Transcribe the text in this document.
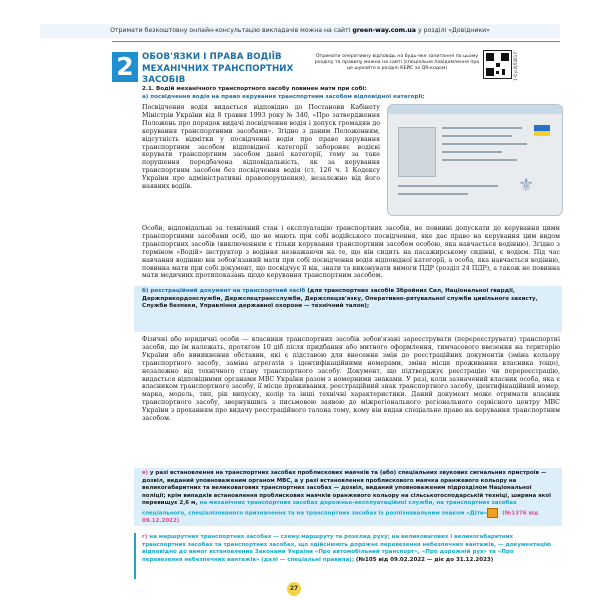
Отримати безкоштовну онлайн-консультацію викладачів можна на сайті green-way.com.ua у розділі «Довідники»
2 ОБОВ'ЯЗКИ І ПРАВА ВОДІЇВ МЕХАНІЧНИХ ТРАНСПОРТНИХ ЗАСОБІВ
Отримати оперативну відповідь на будь-яке запитання по цьому розділу та правилу можна на сайті (спеціальне повідомлення про це шукайте в розділі КЕЙС за QR-кодом)	1-0 р.КЛ4017
2.1. Водій механічного транспортного засобу повинен мати при собі:
а) посвідчення водія на право керування транспортним засобом відповідної категорії;
Посвідчення водія видається відповідно до Постанови Кабінету Міністрів України від 8 травня 1993 року № 340, «Про затвердження Положень про порядок видачі посвідчення водія і допуск громадян до керування транспортними засобами». Згідно з даним Положенням, відсутність відмітки у посвідченні водія про право керування транспортним засобом відповідної категорії забороняє водієві керувати транспортним засобом даної категорії, тому за таке порушення передбачена відповідальність, як за керування транспортним засобом без посвідчення водія (ст. 126 ч. 1 Кодексу України про адміністративні правопорушення), незалежно від його наявних водіїв.	⚜
Особи, відповідальні за технічний стан і експлуатацію транспортних засобів, не повинні допускати до керування цими транспортними засобами осіб, що не мають при собі водійського посвідчення, яке дає право на керування цим видом транспортних засобів (виключенням є тільки керування транспортним засобом особою, яка навчається водінню). Згідно з терміном «Водій» інструктор з водіння незважаючи на те, що він сидить на пасажирському сидінні, є водієм. Під час навчання водінню він зобов'язаний мати при собі посвідчення водія відповідної категорії, а особа, яка навчається водінню, повинна мати при собі документ, що посвідчує її вік, знати та виконувати вимоги ПДР (розділ 24 ПДР), а також не повинна мати медичних протипоказань щодо керування транспортним засобом.
б) реєстраційний документ на транспортний засіб (для транспортних засобів Збройних Сил, Національної гвардії, Держприкордонслужби, Держспецтрансслужби, Держспецзв'язку, Оперативно-рятувальної служби цивільного захисту, Служби безпеки, Управління державної охорони — технічний талон);
Фізичні або юридичні особи — власники транспортних засобів зобов'язані зареєструвати (перереєструвати) транспортні засоби, що їм належать, протягом 10 діб після придбання або митного оформлення, тимчасового ввезення на територію України або виникнення обставин, які є підставою для внесення змін до реєстраційних документів (зміна кольору транспортного засобу, заміна агрегатів з ідентифікаційними номерами, зміна місця проживання власника тощо), незалежно від технічного стану транспортного засобу. Документ, що підтверджує реєстрацію чи перереєстрацію, видається відповідними органами МВС України разом з номерними знаками. У разі, коли зазначений власник особа, яка є власником транспортного засобу, її місце проживання, реєстраційний знак транспортного засобу, ідентифікаційний номер, марка, модель, тип, рік випуску, колір та інші технічні характеристики. Даний документ може отримати власник транспортного засобу, звернувшись з письмовою заявою до міжрегіонального регіонального сервісного центру МВС України з проханням про видачу реєстраційного талона тому, кому він видав спеціальне право на керування транспортним засобом.
в) у разі встановлення на транспортних засобах проблискових маячків та (або) спеціальних звукових сигнальних пристроїв — дозвіл, виданий уповноваженим органом МВС, а у разі встановлення проблискового маячка оранжевого кольору на великогабаритних та великовагових транспортних засобах — дозвіл, виданий уповноваженим підрозділом Національної поліції; крім випадків встановлення проблискових маячків оранжевого кольору на сільськогосподарській техніці, ширина якої перевищує 2,6 м, на механічних транспортних засобах дорожньо-експлуатаційної служби, на транспортних засобах спеціального, спеціалізованого призначення та на транспортних засобах із розпізнавальним знаком «Діти» (№1376 від 09.12.2022)
г) на маршрутних транспортних засобах — схему маршруту та розклад руху; на великовагових і великогабаритних транспортних засобах та транспортних засобах, що здійснюють дорожнє перевезення небезпечних вантажів, — документацію відповідно до вимог встановлених Законами України «Про автомобільний транспорт», «Про дорожній рух» та «Про перевезення небезпечних вантажів» (далі — спеціальні правила); (№105 від 09.02.2022 — діє до 31.12.2023)
27
